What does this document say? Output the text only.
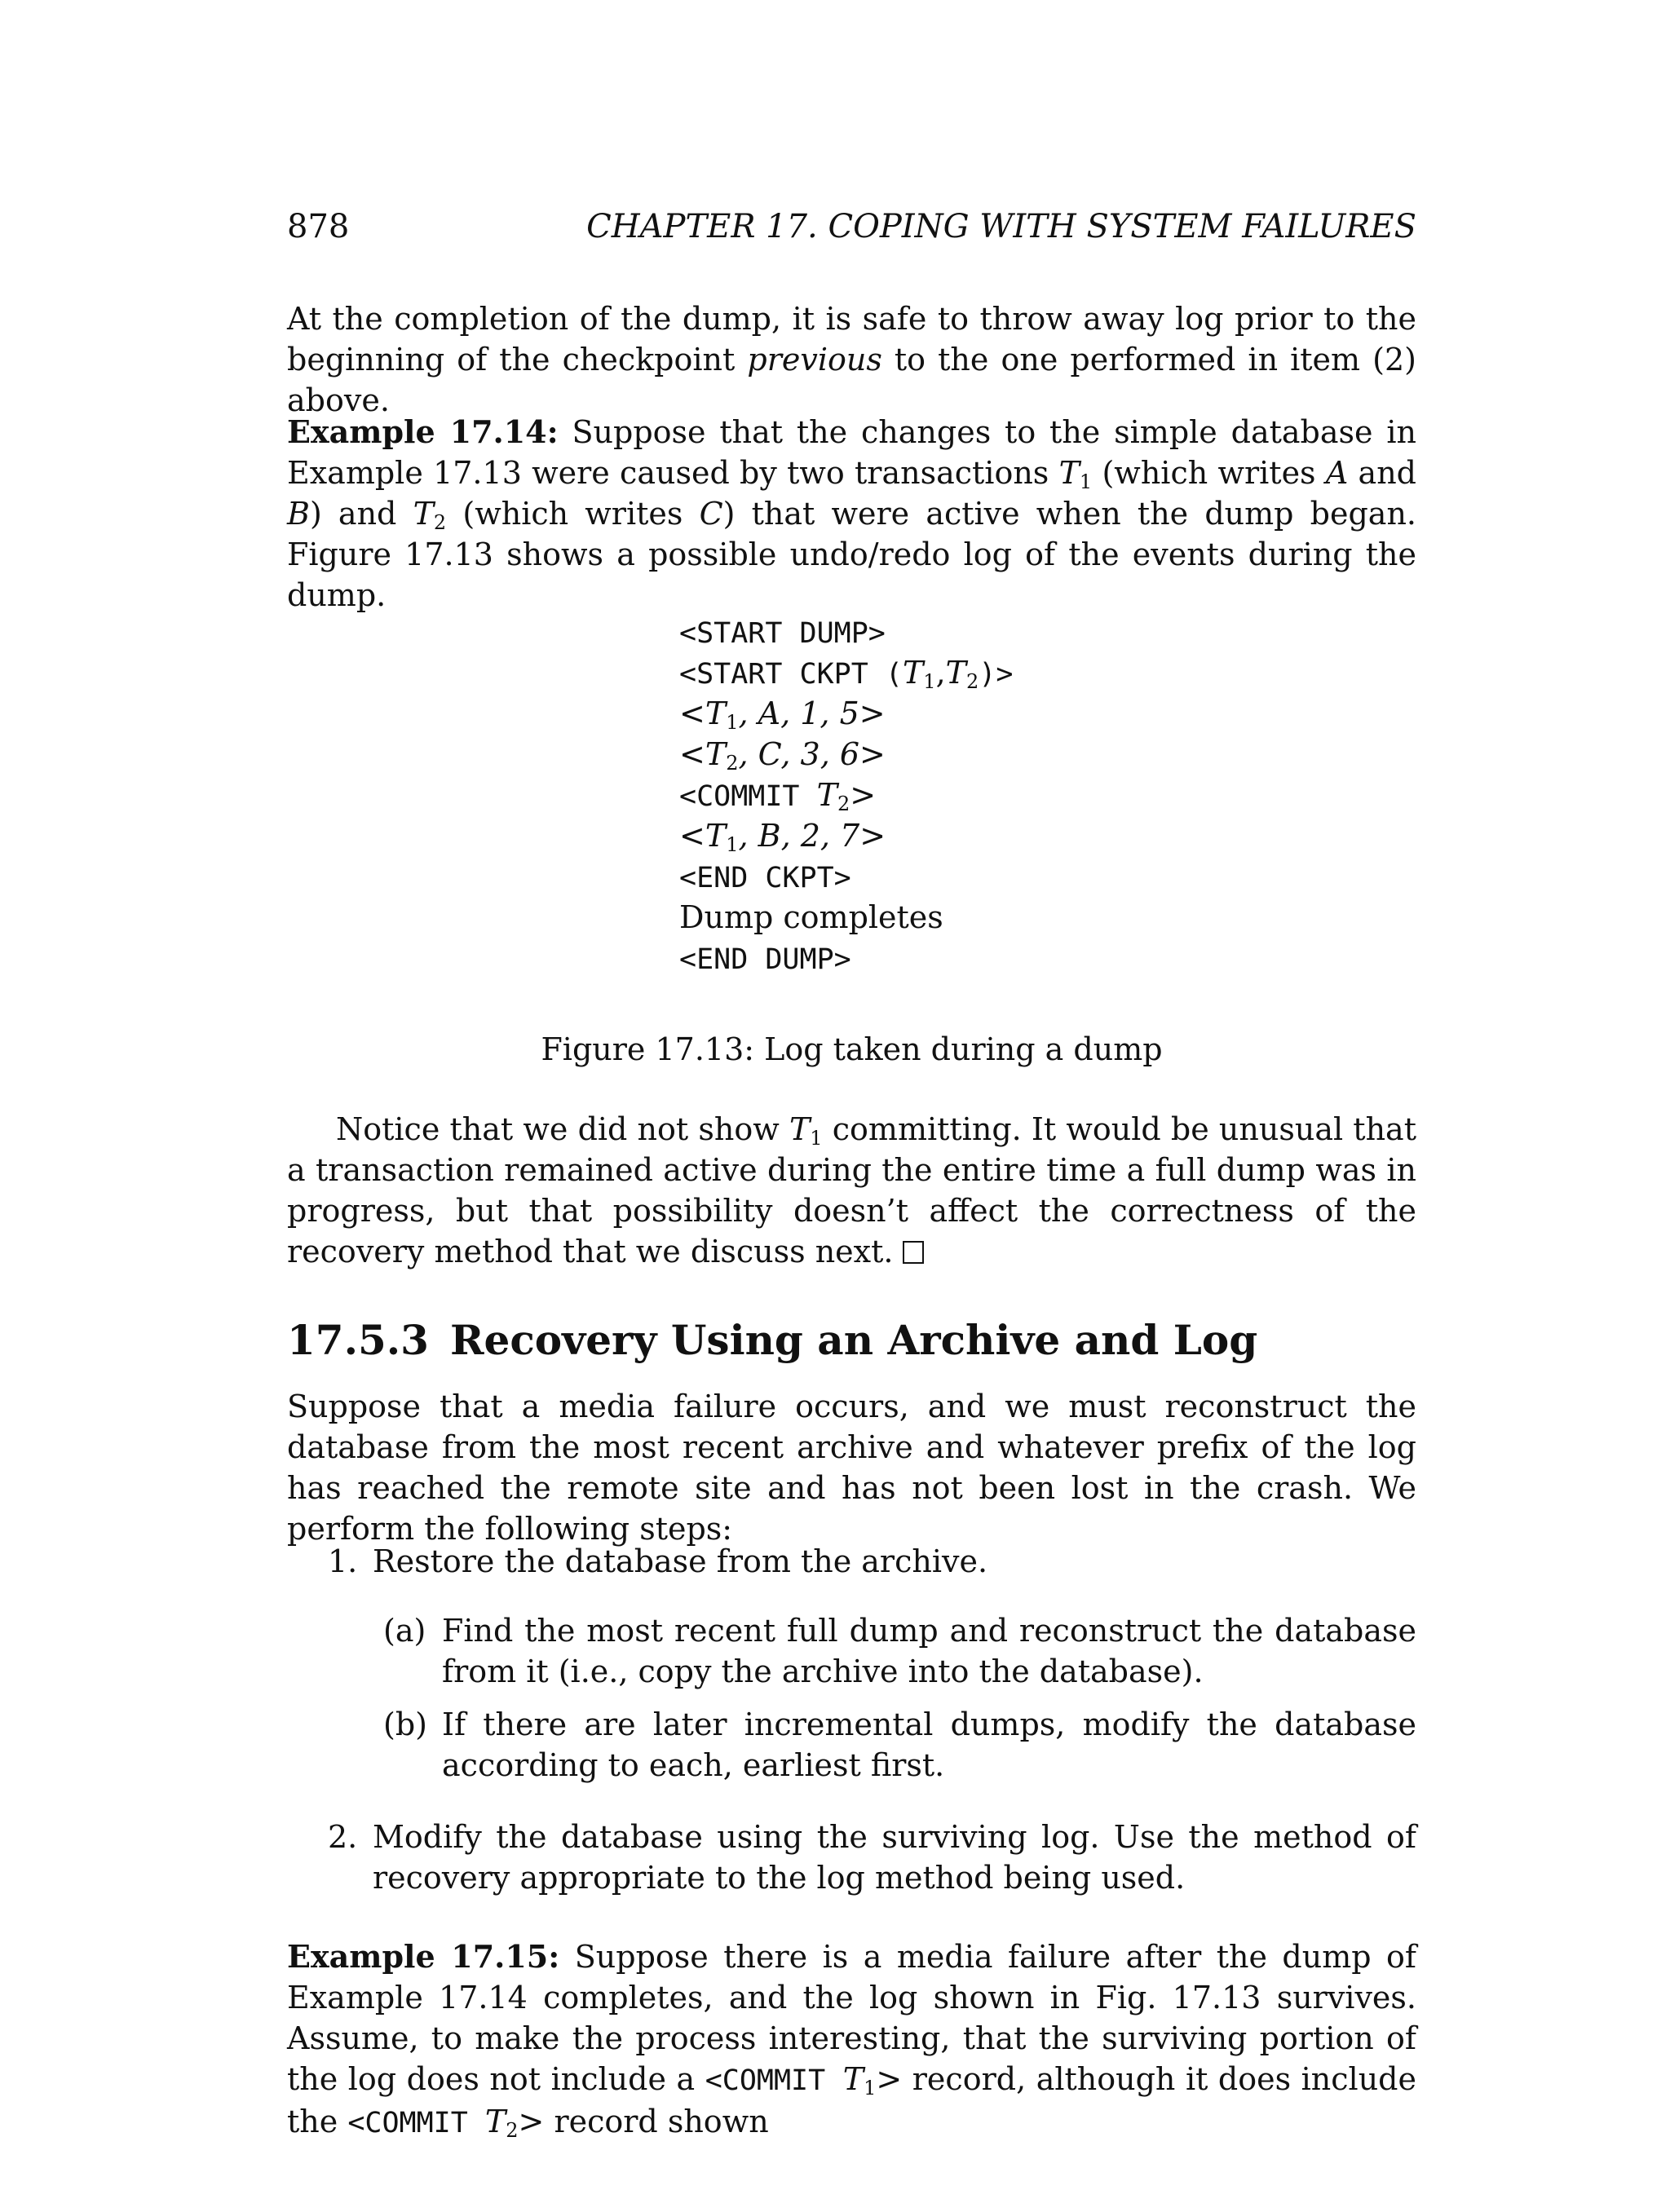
878	CHAPTER 17. COPING WITH SYSTEM FAILURES

At the completion of the dump, it is safe to throw away log prior to the beginning of the checkpoint previous to the one performed in item (2) above.

Example 17.14: Suppose that the changes to the simple database in Example 17.13 were caused by two transactions $T_1$ (which writes A and B) and $T_2$ (which writes C) that were active when the dump began. Figure 17.13 shows a possible undo/redo log of the events during the dump.

<START DUMP>
<START CKPT $(T_1,T_2)>$
$<T_1$, A, 1, 5>
$<T_2$, C, 3, 6>
<COMMIT $T_2>$
$<T_1$, B, 2, 7>
<END CKPT>
Dump completes
<END DUMP>
Figure 17.13: Log taken during a dump

Notice that we did not show $T_1$ committing. It would be unusual that a transaction remained active during the entire time a full dump was in progress, but that possibility doesn’t affect the correctness of the recovery method that we discuss next.

17.5.3 Recovery Using an Archive and Log

Suppose that a media failure occurs, and we must reconstruct the database from the most recent archive and whatever prefix of the log has reached the remote site and has not been lost in the crash. We perform the following steps:

1. Restore the database from the archive.
(a) Find the most recent full dump and reconstruct the database from it (i.e., copy the archive into the database).
(b) If there are later incremental dumps, modify the database according to each, earliest first.
2. Modify the database using the surviving log. Use the method of recovery appropriate to the log method being used.

Example 17.15: Suppose there is a media failure after the dump of Example 17.14 completes, and the log shown in Fig. 17.13 survives. Assume, to make the process interesting, that the surviving portion of the log does not include a <COMMIT $T_1>$ record, although it does include the <COMMIT $T_2>$ record shown
